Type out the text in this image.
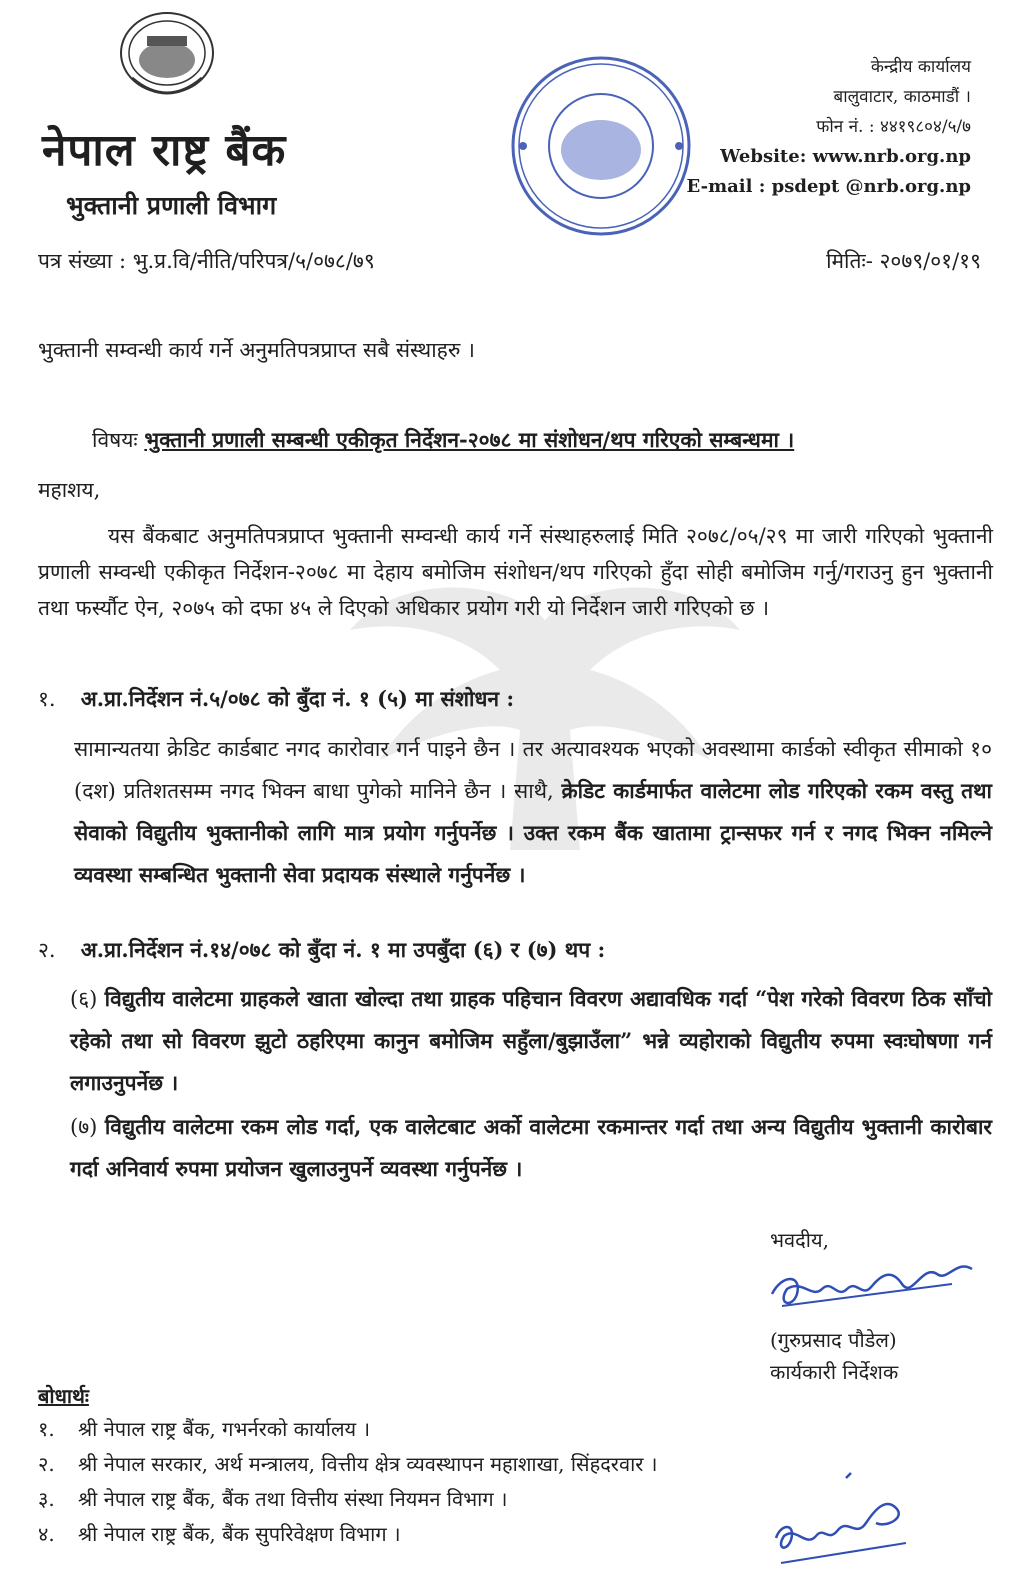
नेपाल राष्ट्र बैंक
भुक्तानी प्रणाली विभाग
केन्द्रीय कार्यालय
बालुवाटार, काठमाडौं ।
फोन नं. : ४४१९८०४/५/७
Website: www.nrb.org.np
E-mail : psdept @nrb.org.np
पत्र संख्या : भु.प्र.वि/नीति/परिपत्र/५/०७८/७९	मितिः- २०७९/०१/१९
भुक्तानी सम्वन्धी कार्य गर्ने अनुमतिपत्रप्राप्त सबै संस्थाहरु ।
विषयः भुक्तानी प्रणाली सम्बन्धी एकीकृत निर्देशन-२०७८ मा संशोधन/थप गरिएको सम्बन्धमा ।
महाशय,
यस बैंकबाट अनुमतिपत्रप्राप्त भुक्तानी सम्वन्धी कार्य गर्ने संस्थाहरुलाई मिति २०७८/०५/२९ मा जारी गरिएको भुक्तानी प्रणाली सम्वन्धी एकीकृत निर्देशन-२०७८ मा देहाय बमोजिम संशोधन/थप गरिएको हुँदा सोही बमोजिम गर्नु/गराउनु हुन भुक्तानी तथा फर्स्यौट ऐन, २०७५ को दफा ४५ ले दिएको अधिकार प्रयोग गरी यो निर्देशन जारी गरिएको छ ।
१. अ.प्रा.निर्देशन नं.५/०७८ को बुँदा नं. १ (५) मा संशोधन :
सामान्यतया क्रेडिट कार्डबाट नगद कारोवार गर्न पाइने छैन । तर अत्यावश्यक भएको अवस्थामा कार्डको स्वीकृत सीमाको १० (दश) प्रतिशतसम्म नगद भिक्न बाधा पुगेको मानिने छैन । साथै, क्रेडिट कार्डमार्फत वालेटमा लोड गरिएको रकम वस्तु तथा सेवाको विद्युतीय भुक्तानीको लागि मात्र प्रयोग गर्नुपर्नेछ । उक्त रकम बैंक खातामा ट्रान्सफर गर्न र नगद भिक्न नमिल्ने व्यवस्था सम्बन्धित भुक्तानी सेवा प्रदायक संस्थाले गर्नुपर्नेछ ।
२. अ.प्रा.निर्देशन नं.१४/०७८ को बुँदा नं. १ मा उपबुँदा (६) र (७) थप :
(६) विद्युतीय वालेटमा ग्राहकले खाता खोल्दा तथा ग्राहक पहिचान विवरण अद्यावधिक गर्दा “पेश गरेको विवरण ठिक साँचो रहेको तथा सो विवरण झुटो ठहरिएमा कानुन बमोजिम सहुँला/बुझाउँला” भन्ने व्यहोराको विद्युतीय रुपमा स्वःघोषणा गर्न लगाउनुपर्नेछ ।
(७) विद्युतीय वालेटमा रकम लोड गर्दा, एक वालेटबाट अर्को वालेटमा रकमान्तर गर्दा तथा अन्य विद्युतीय भुक्तानी कारोबार गर्दा अनिवार्य रुपमा प्रयोजन खुलाउनुपर्ने व्यवस्था गर्नुपर्नेछ ।
भवदीय,
(गुरुप्रसाद पौडेल)
कार्यकारी निर्देशक
बोधार्थः
१. श्री नेपाल राष्ट्र बैंक, गभर्नरको कार्यालय ।
२. श्री नेपाल सरकार, अर्थ मन्त्रालय, वित्तीय क्षेत्र व्यवस्थापन महाशाखा, सिंहदरवार ।
३. श्री नेपाल राष्ट्र बैंक, बैंक तथा वित्तीय संस्था नियमन विभाग ।
४. श्री नेपाल राष्ट्र बैंक, बैंक सुपरिवेक्षण विभाग ।
